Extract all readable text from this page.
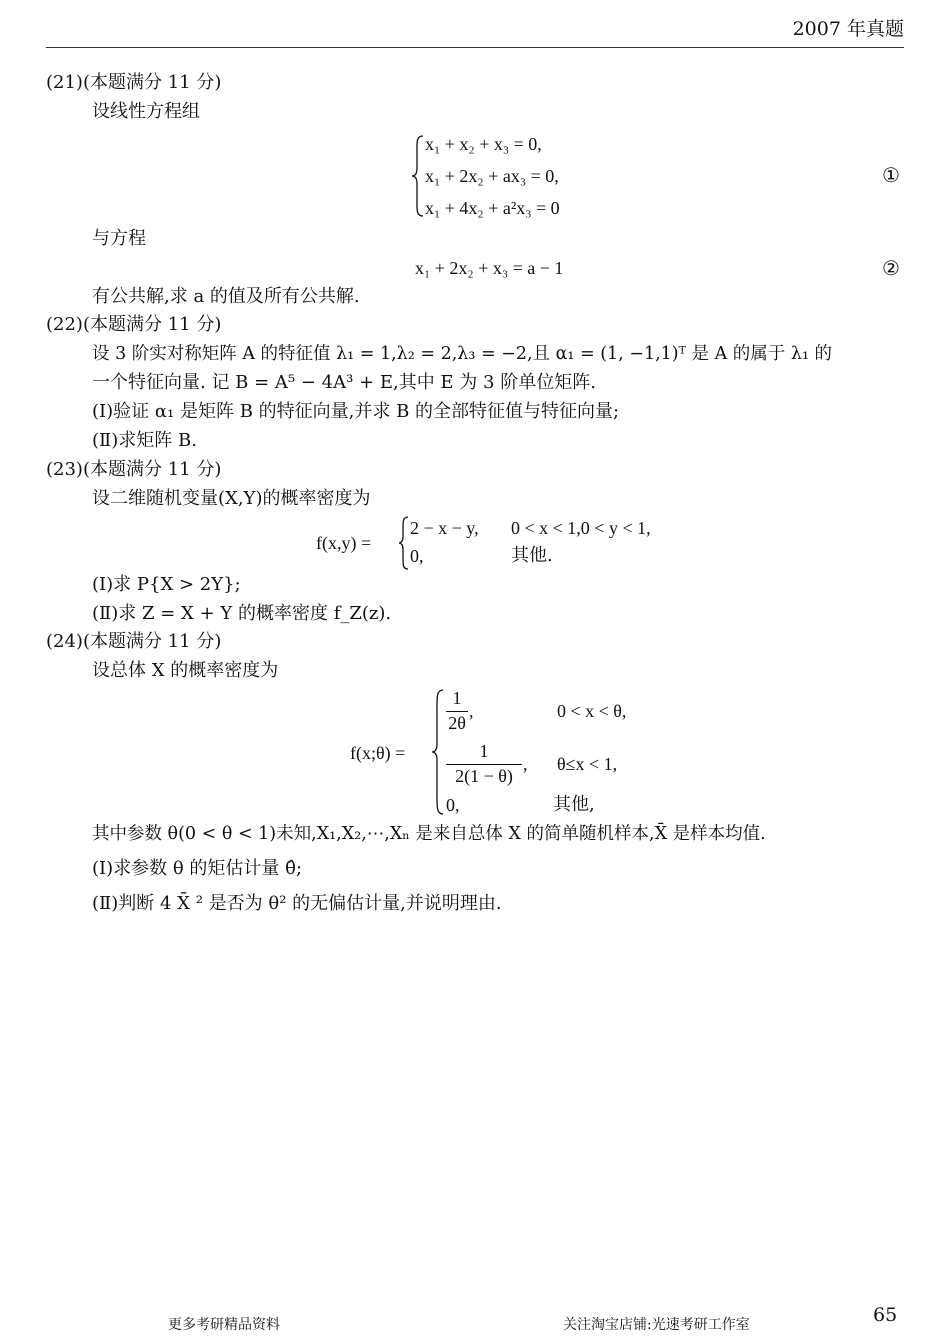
2007 年真题
(21)(本题满分 11 分)
设线性方程组
x₁ + x₂ + x₃ = 0,
x₁ + 2x₂ + ax₃ = 0,
x₁ + 4x₂ + a²x₃ = 0
①
与方程
x₁ + 2x₂ + x₃ = a − 1	②
有公共解,求 a 的值及所有公共解.
(22)(本题满分 11 分)
设 3 阶实对称矩阵 A 的特征值 λ₁ = 1,λ₂ = 2,λ₃ = −2,且 α₁ = (1, −1,1)ᵀ 是 A 的属于 λ₁ 的
一个特征向量. 记 B = A⁵ − 4A³ + E,其中 E 为 3 阶单位矩阵.
(Ⅰ)验证 α₁ 是矩阵 B 的特征向量,并求 B 的全部特征值与特征向量;
(Ⅱ)求矩阵 B.
(23)(本题满分 11 分)
设二维随机变量(X,Y)的概率密度为
f(x,y) =
2 − x − y, 0 < x < 1,0 < y < 1,
0,	其他.
(Ⅰ)求 P{X > 2Y};
(Ⅱ)求 Z = X + Y 的概率密度 f_Z(z).
(24)(本题满分 11 分)
设总体 X 的概率密度为
f(x;θ) =
1
2θ
,	0 < x < θ,
1
2(1 − θ)
, θ≤x < 1,
0,	其他,
其中参数 θ(0 < θ < 1)未知,X₁,X₂,⋯,Xₙ 是来自总体 X 的简单随机样本,X̄ 是样本均值.
(Ⅰ)求参数 θ 的矩估计量 θ̂;
(Ⅱ)判断 4 X̄ ² 是否为 θ² 的无偏估计量,并说明理由.
更多考研精品资料	关注淘宝店铺:光速考研工作室	65
